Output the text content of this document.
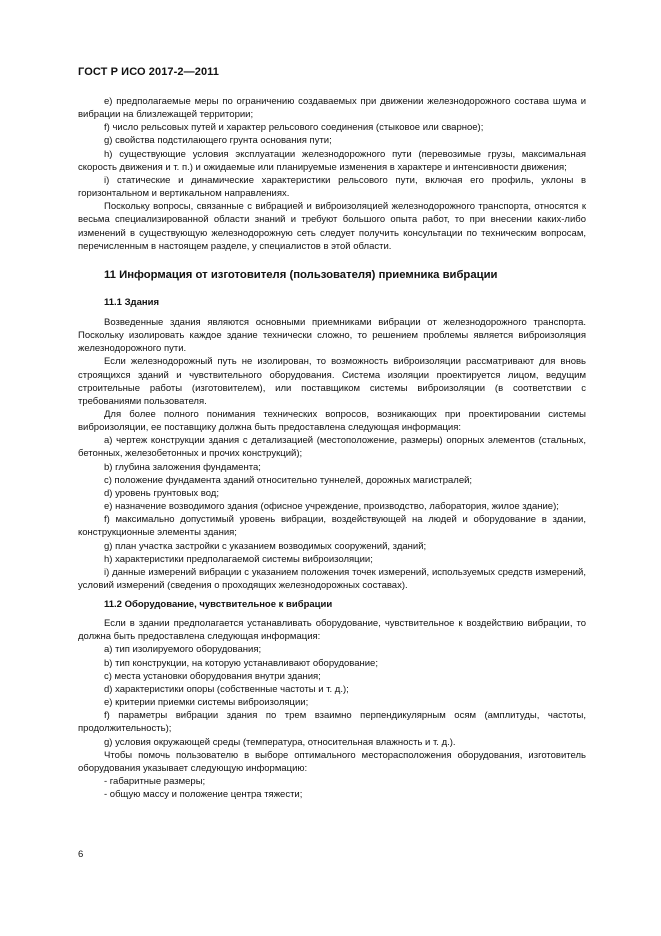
ГОСТ Р ИСО 2017-2—2011

e) предполагаемые меры по ограничению создаваемых при движении железнодорожного состава шума и вибрации на близлежащей территории;

f) число рельсовых путей и характер рельсового соединения (стыковое или сварное);

g) свойства подстилающего грунта основания пути;

h) существующие условия эксплуатации железнодорожного пути (перевозимые грузы, максимальная скорость движения и т. п.) и ожидаемые или планируемые изменения в характере и интенсивности движения;

i) статические и динамические характеристики рельсового пути, включая его профиль, уклоны в горизонтальном и вертикальном направлениях.

Поскольку вопросы, связанные с вибрацией и виброизоляцией железнодорожного транспорта, относятся к весьма специализированной области знаний и требуют большого опыта работ, то при внесении каких-либо изменений в существующую железнодорожную сеть следует получить консультации по техническим вопросам, перечисленным в настоящем разделе, у специалистов в этой области.

11 Информация от изготовителя (пользователя) приемника вибрации
11.1 Здания

Возведенные здания являются основными приемниками вибрации от железнодорожного транспорта. Поскольку изолировать каждое здание технически сложно, то решением проблемы является виброизоляция железнодорожного пути.

Если железнодорожный путь не изолирован, то возможность виброизоляции рассматривают для вновь строящихся зданий и чувствительного оборудования. Система изоляции проектируется лицом, ведущим строительные работы (изготовителем), или поставщиком системы виброизоляции (в соответствии с требованиями пользователя.

Для более полного понимания технических вопросов, возникающих при проектировании системы виброизоляции, ее поставщику должна быть предоставлена следующая информация:

a) чертеж конструкции здания с детализацией (местоположение, размеры) опорных элементов (стальных, бетонных, железобетонных и прочих конструкций);

b) глубина заложения фундамента;

c) положение фундамента зданий относительно туннелей, дорожных магистралей;

d) уровень грунтовых вод;

e) назначение возводимого здания (офисное учреждение, производство, лаборатория, жилое здание);

f) максимально допустимый уровень вибрации, воздействующей на людей и оборудование в здании, конструкционные элементы здания;

g) план участка застройки с указанием возводимых сооружений, зданий;

h) характеристики предполагаемой системы виброизоляции;

i) данные измерений вибрации с указанием положения точек измерений, используемых средств измерений, условий измерений (сведения о проходящих железнодорожных составах).

11.2 Оборудование, чувствительное к вибрации

Если в здании предполагается устанавливать оборудование, чувствительное к воздействию вибрации, то должна быть предоставлена следующая информация:

a) тип изолируемого оборудования;

b) тип конструкции, на которую устанавливают оборудование;

c) места установки оборудования внутри здания;

d) характеристики опоры (собственные частоты и т. д.);

e) критерии приемки системы виброизоляции;

f) параметры вибрации здания по трем взаимно перпендикулярным осям (амплитуды, частоты, продолжительность);

g) условия окружающей среды (температура, относительная влажность и т. д.).

Чтобы помочь пользователю в выборе оптимального месторасположения оборудования, изготовитель оборудования указывает следующую информацию:

- габаритные размеры;

- общую массу и положение центра тяжести;

6
